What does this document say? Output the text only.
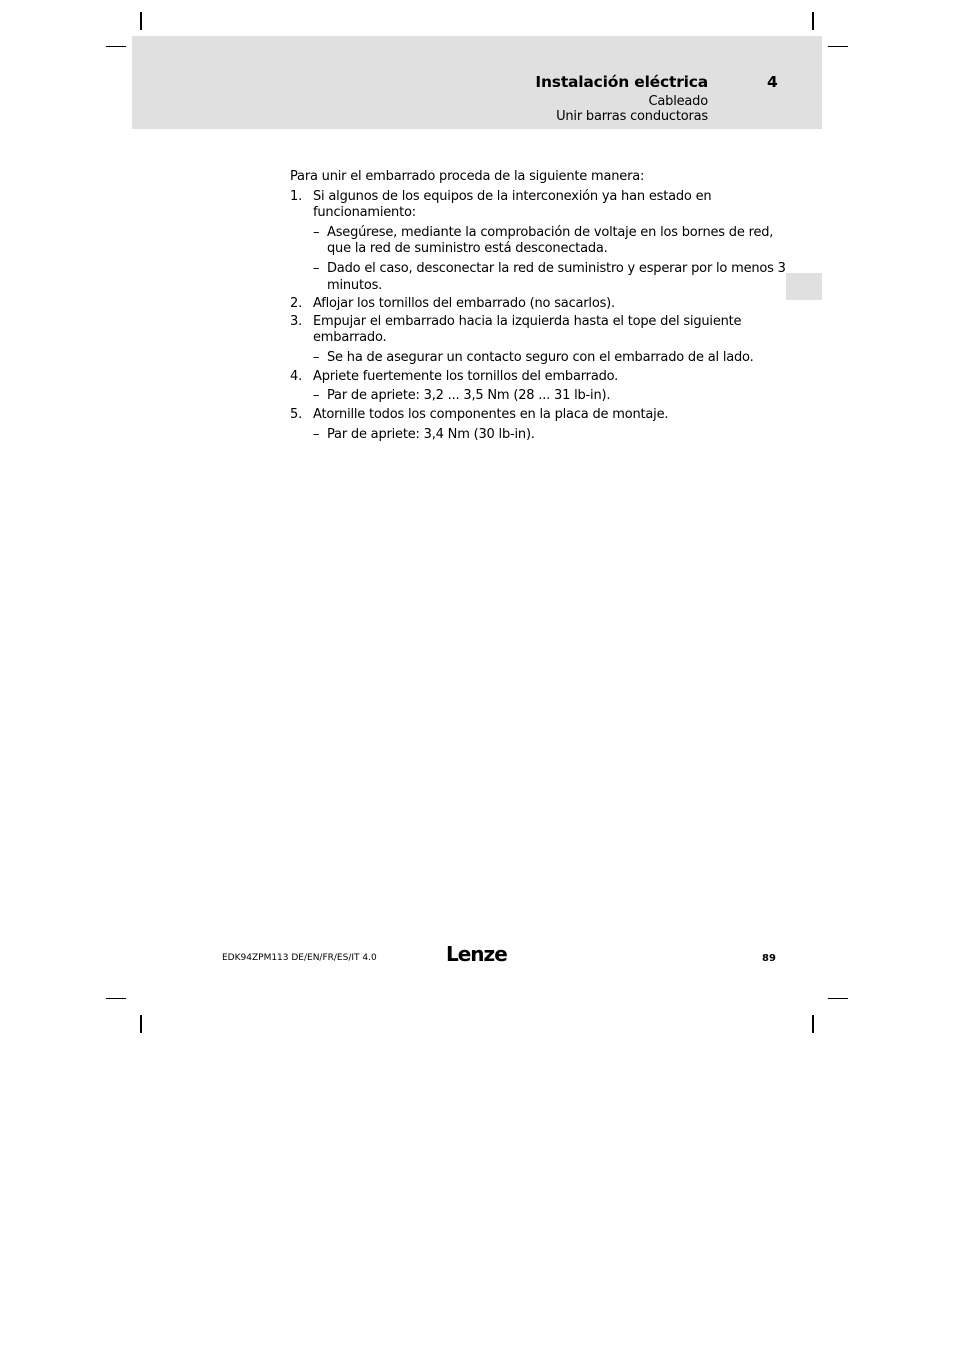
Instalación eléctrica	4
Cableado
Unir barras conductoras
Para unir el embarrado proceda de la siguiente manera:
1. Si algunos de los equipos de la interconexión ya han estado en
funcionamiento:
– Asegúrese, mediante la comprobación de voltaje en los bornes de red,
que la red de suministro está desconectada.
– Dado el caso, desconectar la red de suministro y esperar por lo menos 3
minutos.
2. Aflojar los tornillos del embarrado (no sacarlos).
3. Empujar el embarrado hacia la izquierda hasta el tope del siguiente
embarrado.
– Se ha de asegurar un contacto seguro con el embarrado de al lado.
4. Apriete fuertemente los tornillos del embarrado.
– Par de apriete: 3,2 ... 3,5 Nm (28 ... 31 lb-in).
5. Atornille todos los componentes en la placa de montaje.
– Par de apriete: 3,4 Nm (30 lb-in).
EDK94ZPM113 DE/EN/FR/ES/IT 4.0	Lenze	89
